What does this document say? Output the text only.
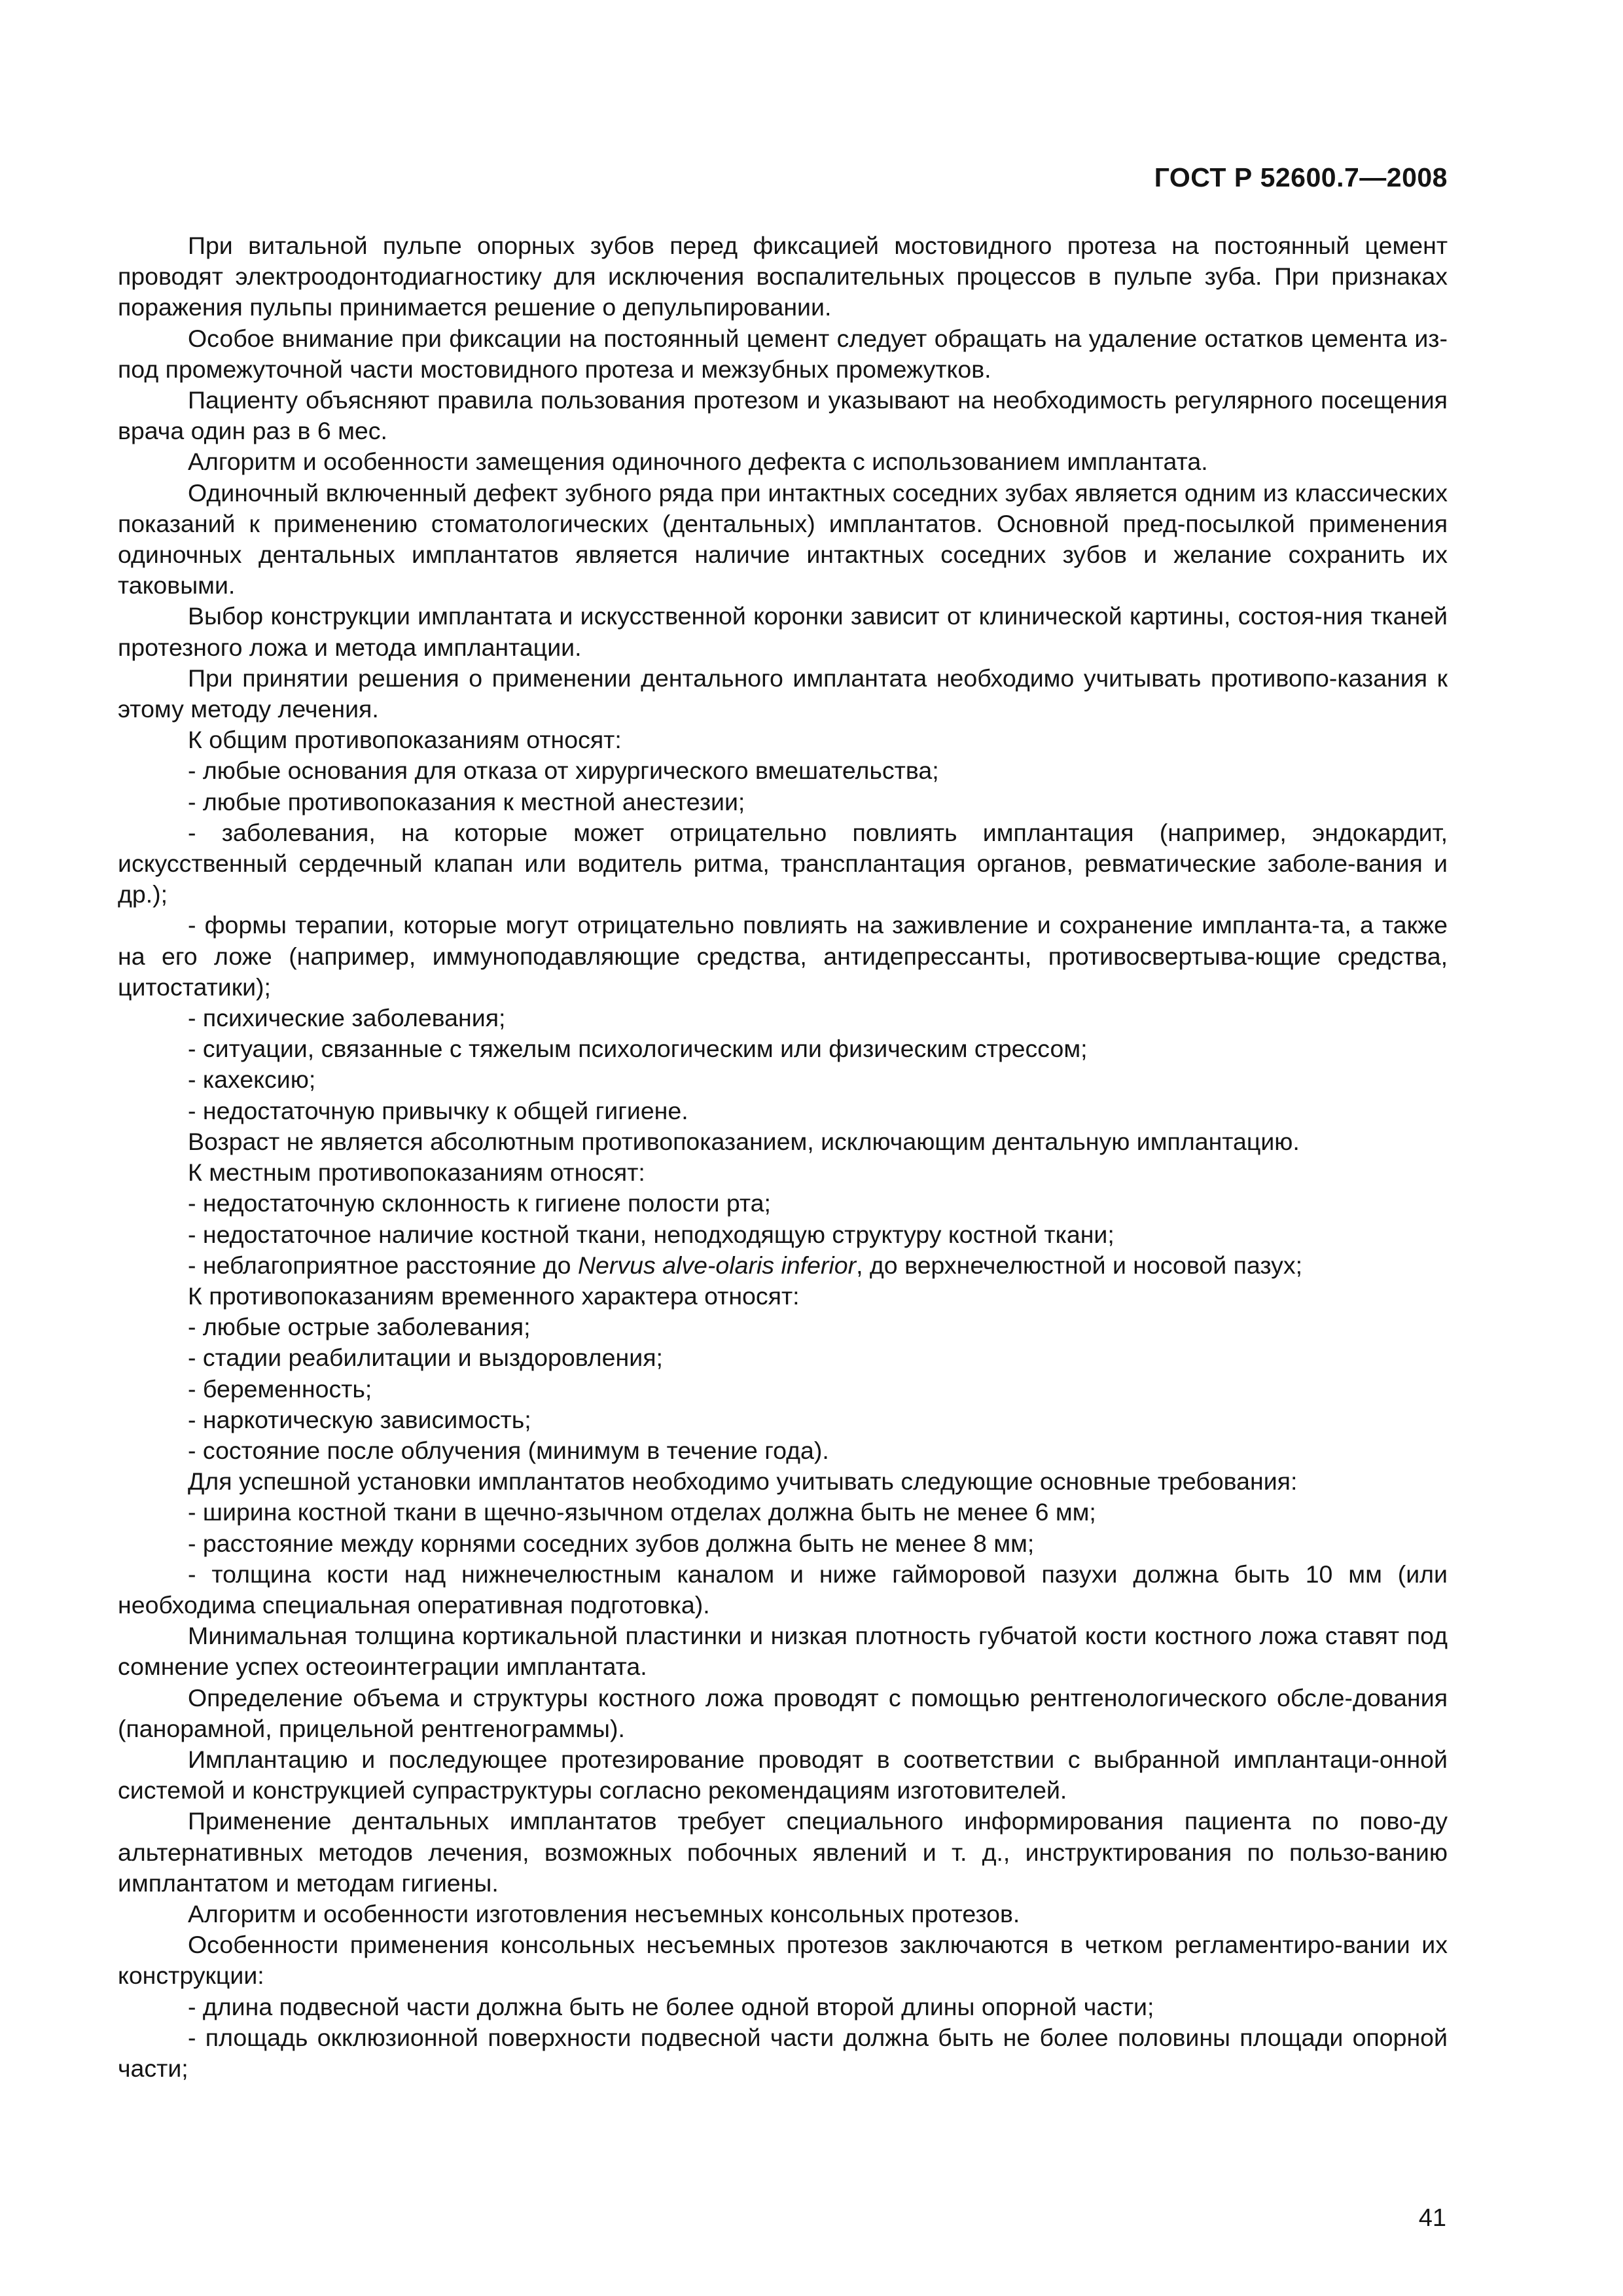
ГОСТ Р 52600.7—2008

При витальной пульпе опорных зубов перед фиксацией мостовидного протеза на постоянный цемент проводят электроодонтодиагностику для исключения воспалительных процессов в пульпе зуба. При признаках поражения пульпы принимается решение о депульпировании.

Особое внимание при фиксации на постоянный цемент следует обращать на удаление остатков цемента из-под промежуточной части мостовидного протеза и межзубных промежутков.

Пациенту объясняют правила пользования протезом и указывают на необходимость регулярного посещения врача один раз в 6 мес.

Алгоритм и особенности замещения одиночного дефекта с использованием имплантата.

Одиночный включенный дефект зубного ряда при интактных соседних зубах является одним из классических показаний к применению стоматологических (дентальных) имплантатов. Основной пред-посылкой применения одиночных дентальных имплантатов является наличие интактных соседних зубов и желание сохранить их таковыми.

Выбор конструкции имплантата и искусственной коронки зависит от клинической картины, состоя-ния тканей протезного ложа и метода имплантации.

При принятии решения о применении дентального имплантата необходимо учитывать противопо-казания к этому методу лечения.

К общим противопоказаниям относят:

- любые основания для отказа от хирургического вмешательства;

- любые противопоказания к местной анестезии;

- заболевания, на которые может отрицательно повлиять имплантация (например, эндокардит, искусственный сердечный клапан или водитель ритма, трансплантация органов, ревматические заболе-вания и др.);

- формы терапии, которые могут отрицательно повлиять на заживление и сохранение импланта-та, а также на его ложе (например, иммуноподавляющие средства, антидепрессанты, противосвертыва-ющие средства, цитостатики);

- психические заболевания;

- ситуации, связанные с тяжелым психологическим или физическим стрессом;

- кахексию;

- недостаточную привычку к общей гигиене.

Возраст не является абсолютным противопоказанием, исключающим дентальную имплантацию.

К местным противопоказаниям относят:

- недостаточную склонность к гигиене полости рта;

- недостаточное наличие костной ткани, неподходящую структуру костной ткани;

- неблагоприятное расстояние до Nervus alve-olaris inferior, до верхнечелюстной и носовой пазух;

К противопоказаниям временного характера относят:

- любые острые заболевания;

- стадии реабилитации и выздоровления;

- беременность;

- наркотическую зависимость;

- состояние после облучения (минимум в течение года).

Для успешной установки имплантатов необходимо учитывать следующие основные требования:

- ширина костной ткани в щечно-язычном отделах должна быть не менее 6 мм;

- расстояние между корнями соседних зубов должна быть не менее 8 мм;

- толщина кости над нижнечелюстным каналом и ниже гайморовой пазухи должна быть 10 мм (или необходима специальная оперативная подготовка).

Минимальная толщина кортикальной пластинки и низкая плотность губчатой кости костного ложа ставят под сомнение успех остеоинтеграции имплантата.

Определение объема и структуры костного ложа проводят с помощью рентгенологического обсле-дования (панорамной, прицельной рентгенограммы).

Имплантацию и последующее протезирование проводят в соответствии с выбранной имплантаци-онной системой и конструкцией супраструктуры согласно рекомендациям изготовителей.

Применение дентальных имплантатов требует специального информирования пациента по пово-ду альтернативных методов лечения, возможных побочных явлений и т. д., инструктирования по пользо-ванию имплантатом и методам гигиены.

Алгоритм и особенности изготовления несъемных консольных протезов.

Особенности применения консольных несъемных протезов заключаются в четком регламентиро-вании их конструкции:

- длина подвесной части должна быть не более одной второй длины опорной части;

- площадь окклюзионной поверхности подвесной части должна быть не более половины площади опорной части;

41
